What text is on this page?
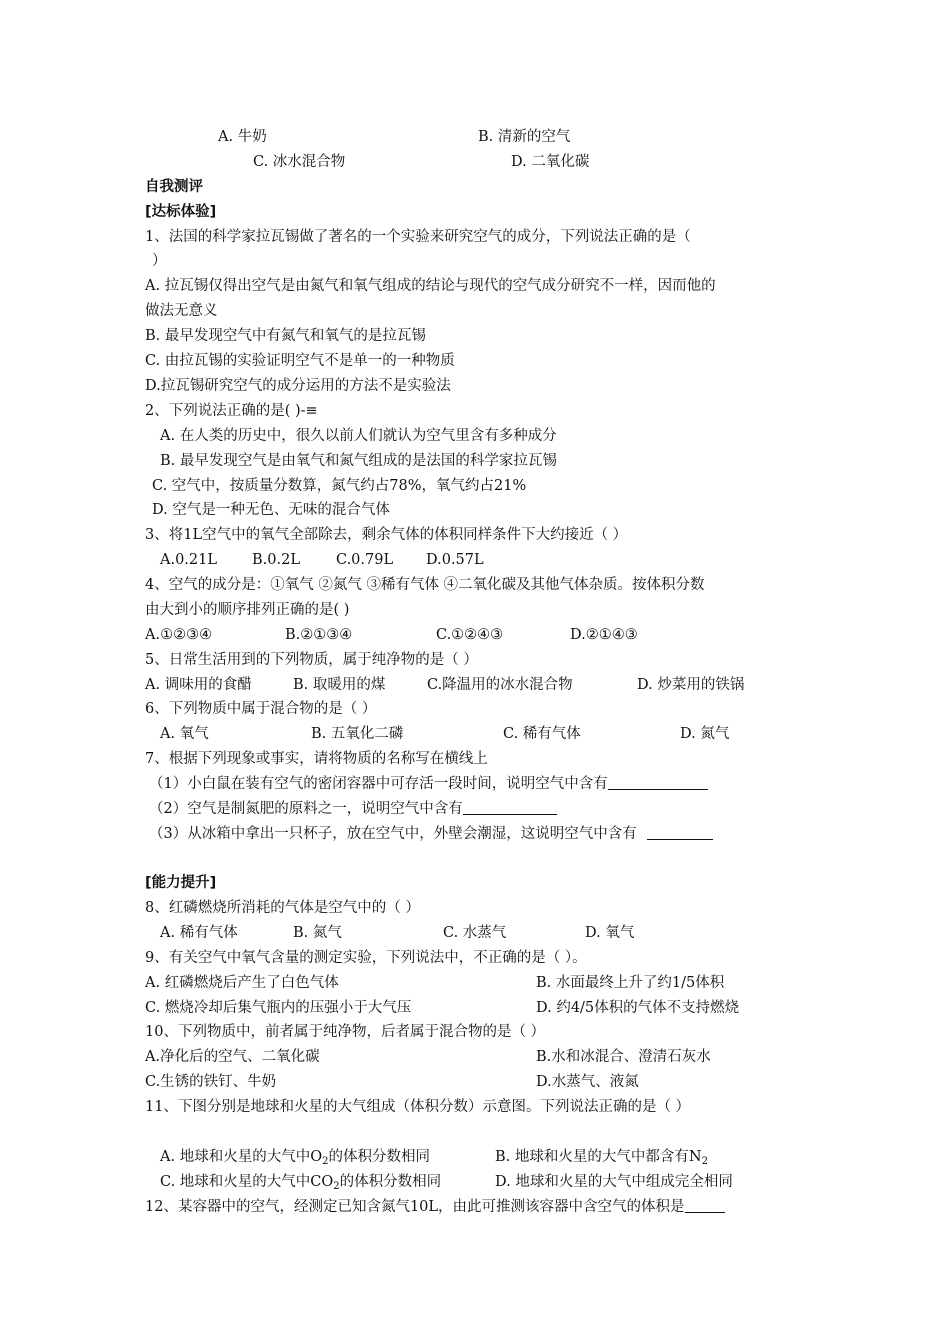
A. 牛奶	B. 清新的空气
C. 冰水混合物	D. 二氧化碳
自我测评
[达标体验]
1、法国的科学家拉瓦锡做了著名的一个实验来研究空气的成分，下列说法正确的是（
）
A. 拉瓦锡仅得出空气是由氮气和氧气组成的结论与现代的空气成分研究不一样，因而他的
做法无意义
B. 最早发现空气中有氮气和氧气的是拉瓦锡
C. 由拉瓦锡的实验证明空气不是单一的一种物质
D.拉瓦锡研究空气的成分运用的方法不是实验法
2、下列说法正确的是( )-≡
A. 在人类的历史中，很久以前人们就认为空气里含有多种成分
B. 最早发现空气是由氧气和氮气组成的是法国的科学家拉瓦锡
C. 空气中，按质量分数算，氮气约占78%，氧气约占21%
D. 空气是一种无色、无味的混合气体
3、将1L空气中的氧气全部除去，剩余气体的体积同样条件下大约接近（ ）
A.0.21L B.0.2L C.0.79L D.0.57L
4、空气的成分是：①氧气 ②氮气 ③稀有气体 ④二氧化碳及其他气体杂质。按体积分数
由大到小的顺序排列正确的是( )
A.①②③④	B.②①③④	C.①②④③	D.②①④③
5、日常生活用到的下列物质，属于纯净物的是（ ）
A. 调味用的食醋	B. 取暖用的煤	C.降温用的冰水混合物	D. 炒菜用的铁锅
6、下列物质中属于混合物的是（ ）
A. 氧气	B. 五氧化二磷	C. 稀有气体	D. 氮气
7、根据下列现象或事实，请将物质的名称写在横线上
（1）小白鼠在装有空气的密闭容器中可存活一段时间，说明空气中含有
（2）空气是制氮肥的原料之一，说明空气中含有
（3）从冰箱中拿出一只杯子，放在空气中，外壁会潮湿，这说明空气中含有
[能力提升]
8、红磷燃烧所消耗的气体是空气中的（ ）
A. 稀有气体	B. 氮气	C. 水蒸气	D. 氧气
9、有关空气中氧气含量的测定实验，下列说法中，不正确的是（ ）。
A. 红磷燃烧后产生了白色气体	B. 水面最终上升了约1/5体积
C. 燃烧冷却后集气瓶内的压强小于大气压	D. 约4/5体积的气体不支持燃烧
10、下列物质中，前者属于纯净物，后者属于混合物的是（ ）
A.净化后的空气、二氧化碳	B.水和冰混合、澄清石灰水
C.生锈的铁钉、牛奶	D.水蒸气、液氮
11、下图分别是地球和火星的大气组成（体积分数）示意图。下列说法正确的是（ ）
A. 地球和火星的大气中$O_2$的体积分数相同	B. 地球和火星的大气中都含有$N_2$
C. 地球和火星的大气中$CO_2$的体积分数相同	D. 地球和火星的大气中组成完全相同
12、某容器中的空气，经测定已知含氮气10L，由此可推测该容器中含空气的体积是
